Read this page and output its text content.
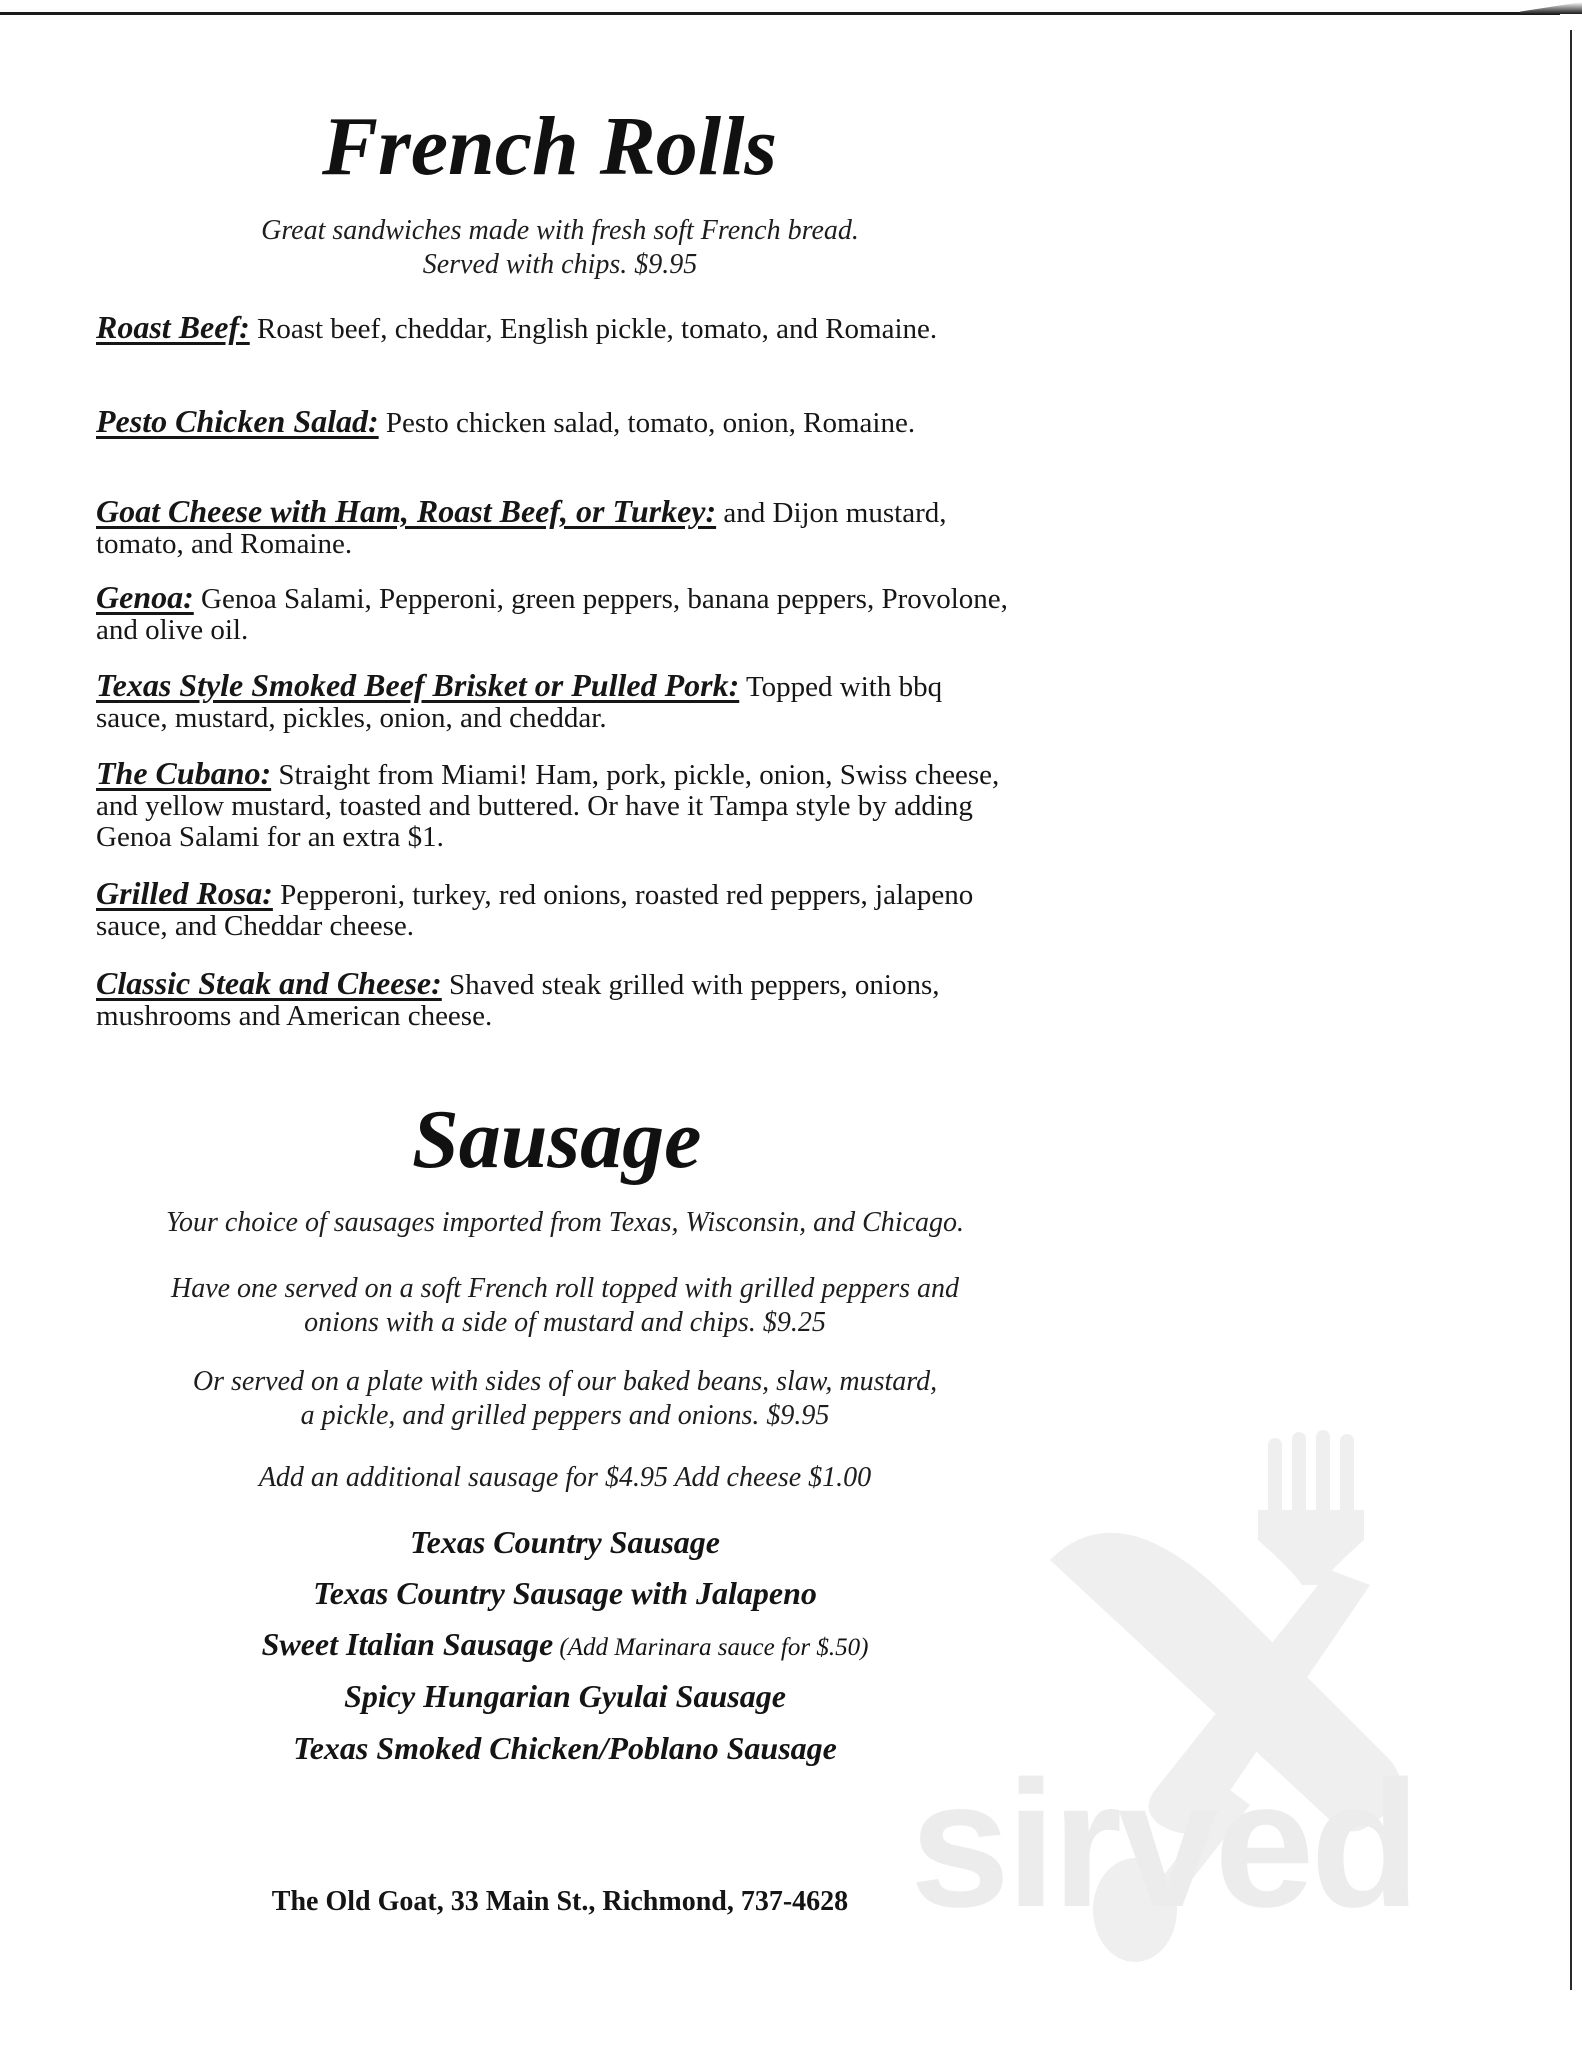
sirved
French Rolls

Great sandwiches made with fresh soft French bread.
Served with chips. $9.95

Roast Beef: Roast beef, cheddar, English pickle, tomato, and Romaine.

Pesto Chicken Salad: Pesto chicken salad, tomato, onion, Romaine.

Goat Cheese with Ham, Roast Beef, or Turkey: and Dijon mustard, tomato, and Romaine.

Genoa: Genoa Salami, Pepperoni, green peppers, banana peppers, Provolone, and olive oil.

Texas Style Smoked Beef Brisket or Pulled Pork: Topped with bbq sauce, mustard, pickles, onion, and cheddar.

The Cubano: Straight from Miami! Ham, pork, pickle, onion, Swiss cheese, and yellow mustard, toasted and buttered. Or have it Tampa style by adding Genoa Salami for an extra $1.

Grilled Rosa: Pepperoni, turkey, red onions, roasted red peppers, jalapeno sauce, and Cheddar cheese.

Classic Steak and Cheese: Shaved steak grilled with peppers, onions, mushrooms and American cheese.

Sausage

Your choice of sausages imported from Texas, Wisconsin, and Chicago.

Have one served on a soft French roll topped with grilled peppers and
onions with a side of mustard and chips. $9.25

Or served on a plate with sides of our baked beans, slaw, mustard,
a pickle, and grilled peppers and onions. $9.95

Add an additional sausage for $4.95 Add cheese $1.00

Texas Country Sausage

Texas Country Sausage with Jalapeno

Sweet Italian Sausage (Add Marinara sauce for $.50)

Spicy Hungarian Gyulai Sausage

Texas Smoked Chicken/Poblano Sausage

The Old Goat, 33 Main St., Richmond, 737-4628
